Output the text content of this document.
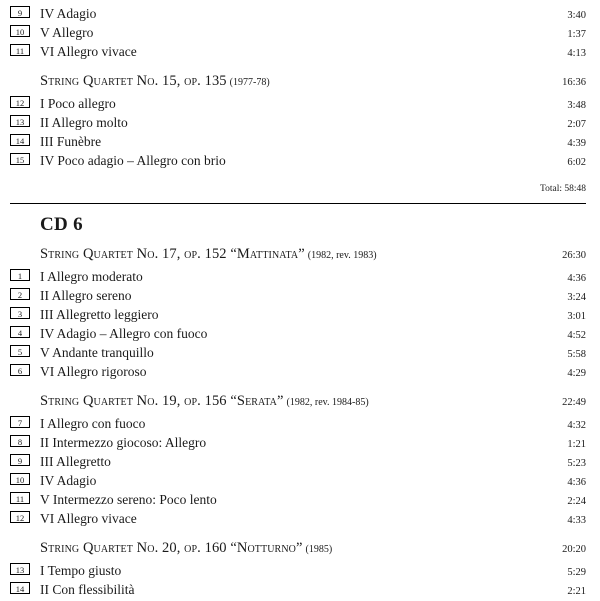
9	IV Adagio	3:40
10	V Allegro	1:37
11	VI Allegro vivace	4:13
String Quartet No. 15, op. 135 (1977-78)	16:36
12	I Poco allegro	3:48
13	II Allegro molto	2:07
14	III Funèbre	4:39
15	IV Poco adagio – Allegro con brio	6:02
Total: 58:48
CD 6
String Quartet No. 17, op. 152 “Mattinata” (1982, rev. 1983)	26:30
1	I Allegro moderato	4:36
2	II Allegro sereno	3:24
3	III Allegretto leggiero	3:01
4	IV Adagio – Allegro con fuoco	4:52
5	V Andante tranquillo	5:58
6	VI Allegro rigoroso	4:29
String Quartet No. 19, op. 156 “Serata” (1982, rev. 1984-85)	22:49
7	I Allegro con fuoco	4:32
8	II Intermezzo giocoso: Allegro	1:21
9	III Allegretto	5:23
10	IV Adagio	4:36
11	V Intermezzo sereno: Poco lento	2:24
12	VI Allegro vivace	4:33
String Quartet No. 20, op. 160 “Notturno” (1985)	20:20
13	I Tempo giusto	5:29
14	II Con flessibilità	2:21
